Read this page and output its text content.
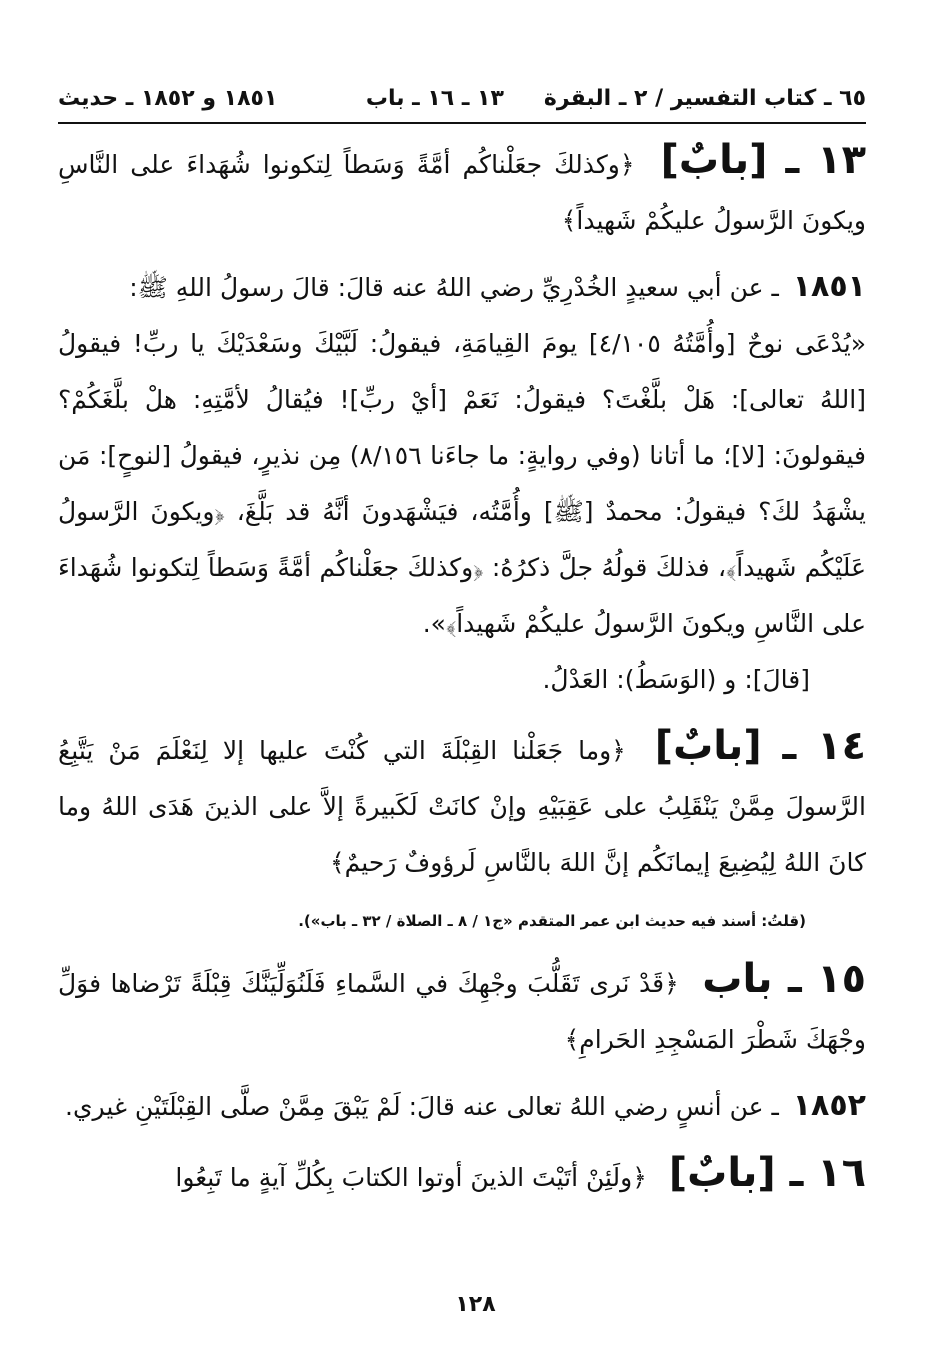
٦٥ ـ كتاب التفسير / ٢ ـ البقرة
١٣ ـ ١٦ ـ باب
١٨٥١ و ١٨٥٢ ـ حديث
١٣ ـ [بابٌ] ﴿وكذلكَ جعَلْناكُم أمَّةً وَسَطاً لِتكونوا شُهَداءَ على النَّاسِ ويكونَ الرَّسولُ عليكُمْ شَهيداً﴾
١٨٥١ ـ عن أبي سعيدٍ الخُدْرِيِّ رضي اللهُ عنه قالَ: قالَ رسولُ اللهِ ﷺ:
«يُدْعَى نوحٌ [وأُمَّتُهُ ٤/١٠٥] يومَ القِيامَةِ، فيقولُ: لَبَّيْكَ وسَعْدَيْكَ يا ربِّ! فيقولُ [اللهُ تعالى]: هَلْ بلَّغْتَ؟ فيقولُ: نَعَمْ [أيْ ربِّ]! فيُقالُ لأمَّتِهِ: هلْ بلَّغَكُمْ؟ فيقولونَ: [لا]؛ ما أتانا (وفي روايةٍ: ما جاءَنا ٨/١٥٦) مِن نذيرٍ، فيقولُ [لنوحٍ]: مَن يشْهَدُ لكَ؟ فيقولُ: محمدٌ [ﷺ] وأُمَّتُه، فيَشْهَدونَ أنَّهُ قد بَلَّغَ، ﴿ويكونَ الرَّسولُ عَلَيْكُم شَهيداً﴾، فذلكَ قولُهُ جلَّ ذكرُهُ: ﴿وكذلكَ جعَلْناكُم أمَّةً وَسَطاً لِتكونوا شُهَداءَ على النَّاسِ ويكونَ الرَّسولُ عليكُمْ شَهيداً﴾».
[قالَ]: و (الوَسَطُ): العَدْلُ.
١٤ ـ [بابٌ] ﴿وما جَعَلْنا القِبْلَةَ التي كُنْتَ عليها إلا لِنَعْلَمَ مَنْ يَتَّبِعُ الرَّسولَ مِمَّنْ يَنْقَلِبُ على عَقِبَيْهِ وإنْ كانَتْ لَكَبيرةً إلاَّ على الذينَ هَدَى اللهُ وما كانَ اللهُ لِيُضِيعَ إيمانَكُم إنَّ اللهَ بالنَّاسِ لَرؤوفٌ رَحيمٌ﴾
(قلتُ: أسند فيه حديث ابن عمر المتقدم «ج١ / ٨ ـ الصلاة / ٣٢ ـ باب»).
١٥ ـ باب ﴿قَدْ نَرى تَقَلُّبَ وجْهِكَ في السَّماءِ فَلَنُوَلِّيَنَّكَ قِبْلَةً تَرْضاها فوَلِّ وجْهَكَ شَطْرَ المَسْجِدِ الحَرامِ﴾
١٨٥٢ ـ عن أنسٍ رضي اللهُ تعالى عنه قالَ: لَمْ يَبْقَ مِمَّنْ صلَّى القِبْلَتَيْنِ غيري.
١٦ ـ [بابٌ] ﴿ولَئِنْ أتَيْتَ الذينَ أوتوا الكتابَ بِكُلِّ آيةٍ ما تَبِعُوا
١٢٨
